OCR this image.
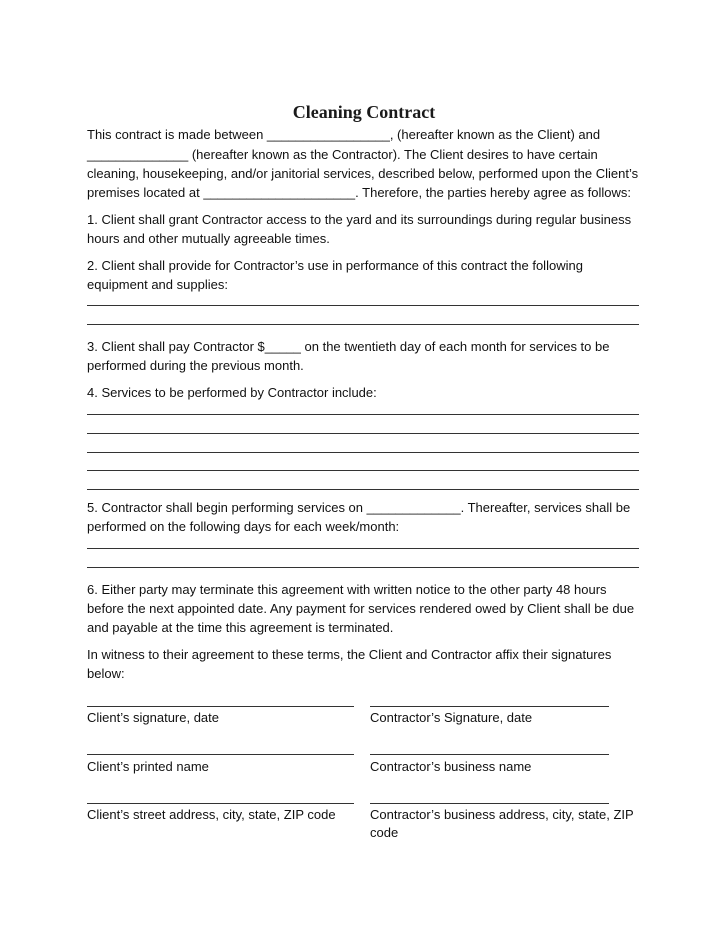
Cleaning Contract
This contract is made between _________________, (hereafter known as the Client) and
______________ (hereafter known as the Contractor). The Client desires to have certain
cleaning, housekeeping, and/or janitorial services, described below, performed upon the Client’s
premises located at _____________________. Therefore, the parties hereby agree as follows:
1. Client shall grant Contractor access to the yard and its surroundings during regular business
hours and other mutually agreeable times.
2. Client shall provide for Contractor’s use in performance of this contract the following
equipment and supplies:
3. Client shall pay Contractor $_____ on the twentieth day of each month for services to be
performed during the previous month.
4. Services to be performed by Contractor include:
5. Contractor shall begin performing services on _____________. Thereafter, services shall be
performed on the following days for each week/month:
6. Either party may terminate this agreement with written notice to the other party 48 hours
before the next appointed date. Any payment for services rendered owed by Client shall be due
and payable at the time this agreement is terminated.
In witness to their agreement to these terms, the Client and Contractor affix their signatures
below:
Client’s signature, date	Contractor’s Signature, date
Client’s printed name	Contractor’s business name
Client’s street address, city, state, ZIP code	Contractor’s business address, city, state, ZIP
code
